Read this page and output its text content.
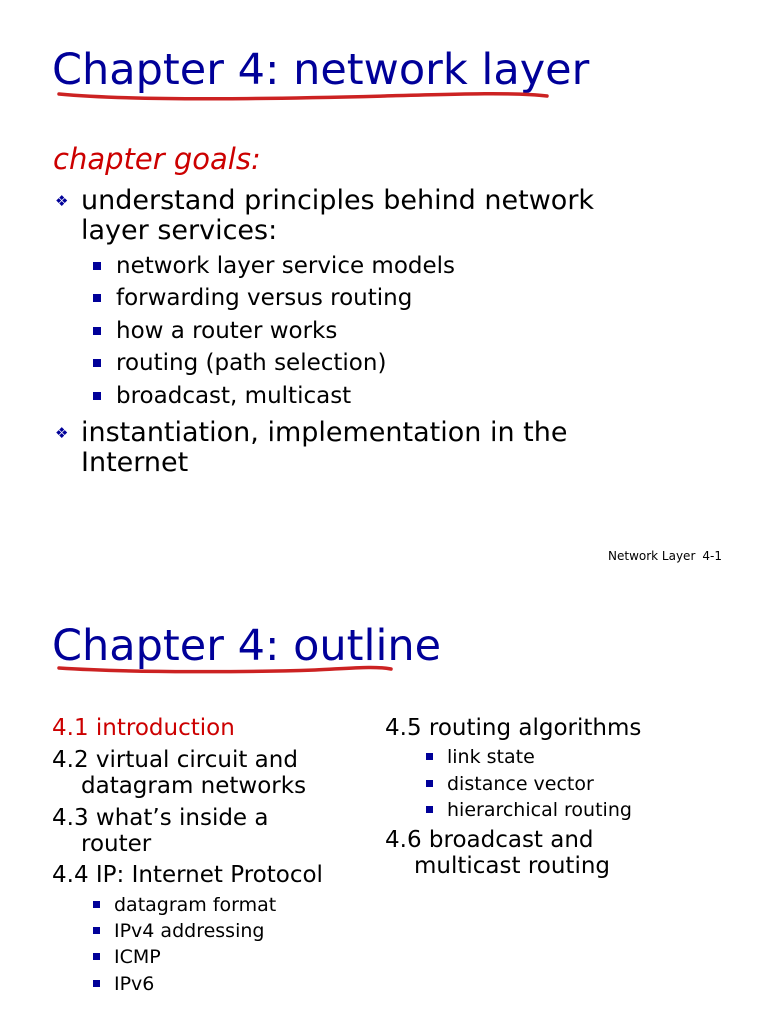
Chapter 4: network layer
chapter goals:
❖ understand principles behind network
layer services:
network layer service models
forwarding versus routing
how a router works
routing (path selection)
broadcast, multicast
❖ instantiation, implementation in the
Internet
Network Layer 4-1
Chapter 4: outline
4.1 introduction
4.2 virtual circuit and
datagram networks
4.3 what’s inside a
router
4.4 IP: Internet Protocol
datagram format
IPv4 addressing
ICMP
IPv6
4.5 routing algorithms
link state
distance vector
hierarchical routing
4.6 broadcast and
multicast routing
